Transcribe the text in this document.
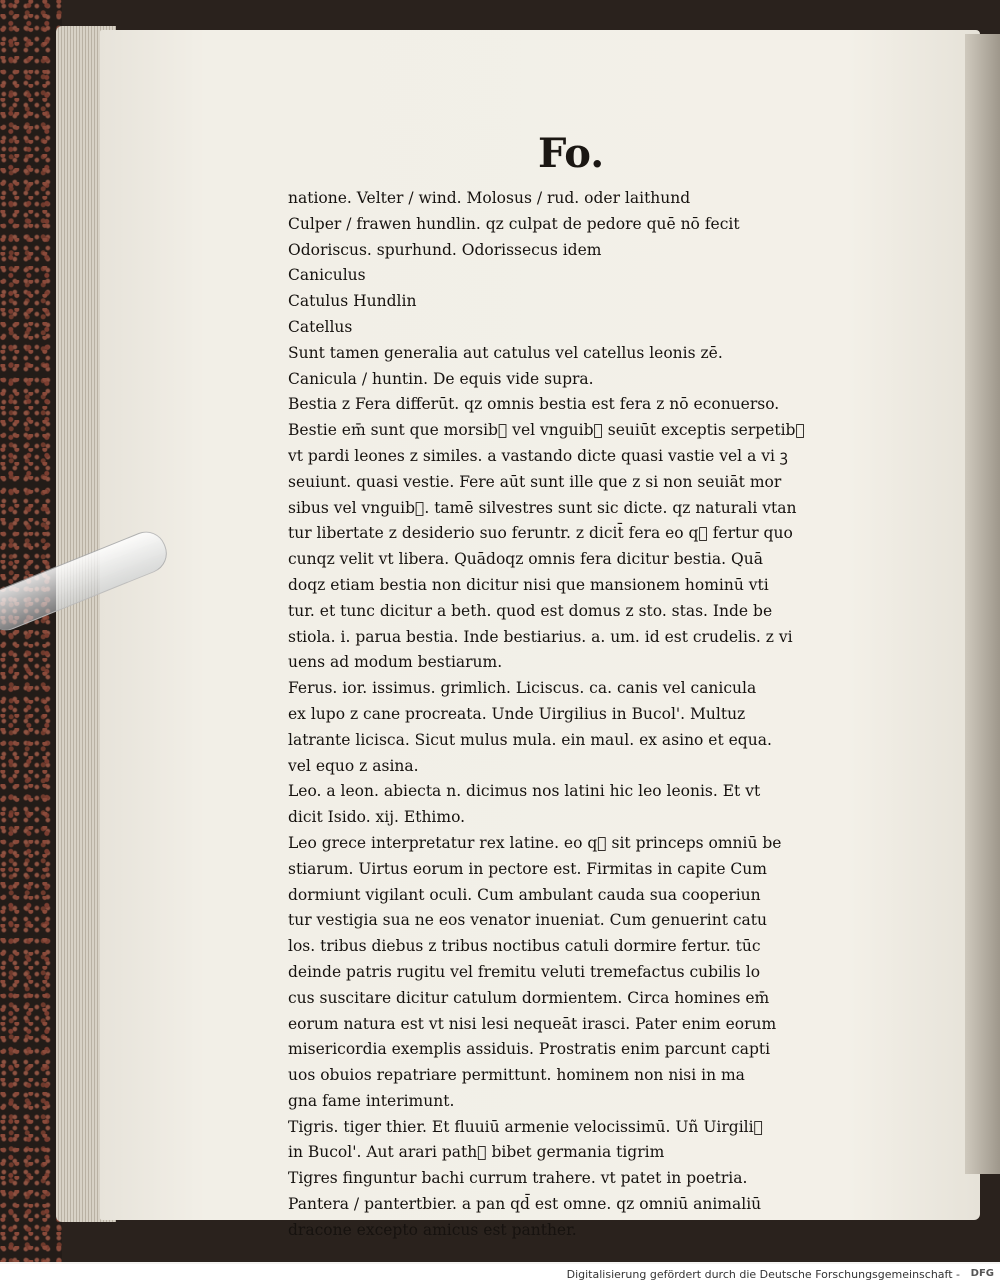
Fo.
natione. Velter / wind. Molosus / rud. oder laithund
Culper / frawen hundlin. qz culpat de pedore quē nō fecit
Odoriscus. spurhund. Odorissecus idem
Caniculus
Catulus Hundlin
Catellus
Sunt tamen generalia aut catulus vel catellus leonis zē.
Canicula / huntin. De equis vide supra.
Bestia z Fera differūt. qz omnis bestia est fera z nō econuerso.
Bestie em̄ sunt que morsib᷑ vel vnguib᷑ seuiūt exceptis serpetib᷑
vt pardi leones z similes. a vastando dicte quasi vastie vel a vi ꝫ
seuiunt. quasi vestie. Fere aūt sunt ille que z si non seuiāt mor
sibus vel vnguib᷑. tamē silvestres sunt sic dicte. qz naturali vtan
tur libertate z desiderio suo feruntr. z dicit̄ fera eo q᷑ fertur quo
cunqz velit vt libera. Quādoqz omnis fera dicitur bestia. Quā
doqz etiam bestia non dicitur nisi que mansionem hominū vti
tur. et tunc dicitur a beth. quod est domus z sto. stas. Inde be
stiola. i. parua bestia. Inde bestiarius. a. um. id est crudelis. z vi
uens ad modum bestiarum.
Ferus. ior. issimus. grimlich. Liciscus. ca. canis vel canicula
ex lupo z cane procreata. Unde Uirgilius in Bucol'. Multuz
latrante licisca. Sicut mulus mula. ein maul. ex asino et equa.
vel equo z asina.
Leo. a leon. abiecta n. dicimus nos latini hic leo leonis. Et vt
dicit Isido. xij. Ethimo.
Leo grece interpretatur rex latine. eo q᷑ sit princeps omniū be
stiarum. Uirtus eorum in pectore est. Firmitas in capite Cum
dormiunt vigilant oculi. Cum ambulant cauda sua cooperiun
tur vestigia sua ne eos venator inueniat. Cum genuerint catu
los. tribus diebus z tribus noctibus catuli dormire fertur. tūc
deinde patris rugitu vel fremitu veluti tremefactus cubilis lo
cus suscitare dicitur catulum dormientem. Circa homines em̄
eorum natura est vt nisi lesi nequeāt irasci. Pater enim eorum
misericordia exemplis assiduis. Prostratis enim parcunt capti
uos obuios repatriare permittunt. hominem non nisi in ma
gna fame interimunt.
Tigris. tiger thier. Et fluuiū armenie velocissimū. Uñ Uirgili᷒
in Bucol'. Aut arari path᷒ bibet germania tigrim
Tigres finguntur bachi currum trahere. vt patet in poetria.
Pantera / pantertbier. a pan qd̄ est omne. qz omniū animaliū
dracone excepto amicus est panther.
Digitalisierung gefördert durch die Deutsche Forschungsgemeinschaft - DFG
